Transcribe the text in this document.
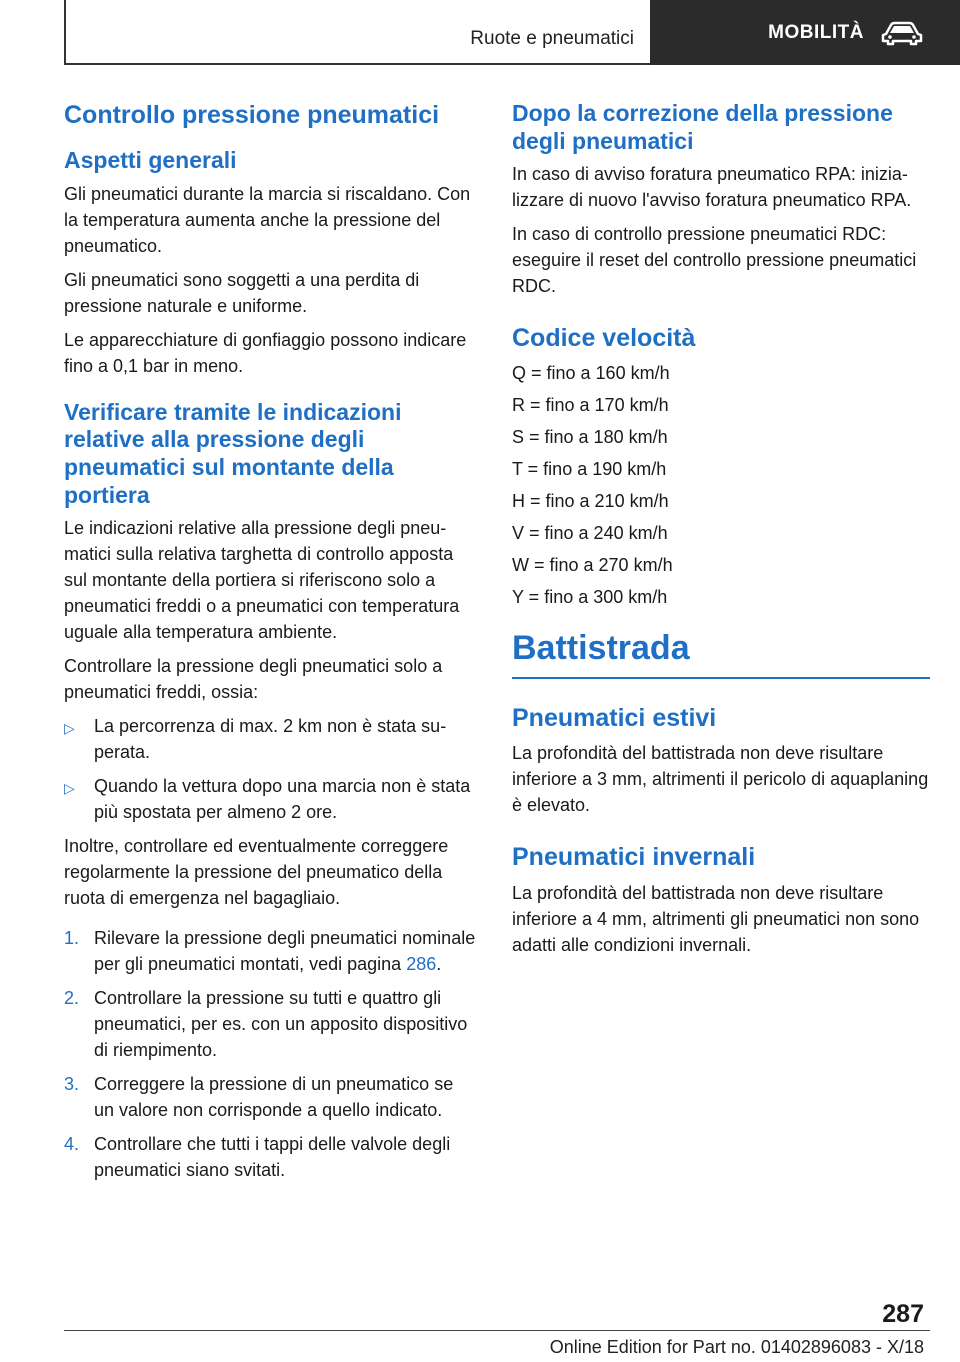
Ruote e pneumatici	MOBILITÀ
Controllo pressione pneumatici
Aspetti generali

Gli pneumatici durante la marcia si riscaldano. Con la temperatura aumenta anche la pressione del pneumatico.

Gli pneumatici sono soggetti a una perdita di pressione naturale e uniforme.

Le apparecchiature di gonfiaggio possono indicare fino a 0,1 bar in meno.

Verificare tramite le indicazioni relative alla pressione degli pneumatici sul montante della portiera

Le indicazioni relative alla pressione degli pneumatici sulla relativa targhetta di controllo apposta sul montante della portiera si riferiscono solo a pneumatici freddi o a pneumatici con temperatura uguale alla temperatura ambiente.

Controllare la pressione degli pneumatici solo a pneumatici freddi, ossia:

▷	La percorrenza di max. 2 km non è stata superata.
▷	Quando la vettura dopo una marcia non è stata più spostata per almeno 2 ore.

Inoltre, controllare ed eventualmente correggere regolarmente la pressione del pneumatico della ruota di emergenza nel bagagliaio.

1. Rilevare la pressione degli pneumatici nominale per gli pneumatici montati, vedi pagina 286.
2. Controllare la pressione su tutti e quattro gli pneumatici, per es. con un apposito dispositivo di riempimento.
3. Correggere la pressione di un pneumatico se un valore non corrisponde a quello indicato.
4. Controllare che tutti i tappi delle valvole degli pneumatici siano svitati.
Dopo la correzione della pressione degli pneumatici

In caso di avviso foratura pneumatico RPA: inizializzare di nuovo l'avviso foratura pneumatico RPA.

In caso di controllo pressione pneumatici RDC: eseguire il reset del controllo pressione pneumatici RDC.

Codice velocità

Q = fino a 160 km/h

R = fino a 170 km/h

S = fino a 180 km/h

T = fino a 190 km/h

H = fino a 210 km/h

V = fino a 240 km/h

W = fino a 270 km/h

Y = fino a 300 km/h

Battistrada
Pneumatici estivi

La profondità del battistrada non deve risultare inferiore a 3 mm, altrimenti il pericolo di aquaplaning è elevato.

Pneumatici invernali

La profondità del battistrada non deve risultare inferiore a 4 mm, altrimenti gli pneumatici non sono adatti alle condizioni invernali.

287
Online Edition for Part no. 01402896083 - X/18
